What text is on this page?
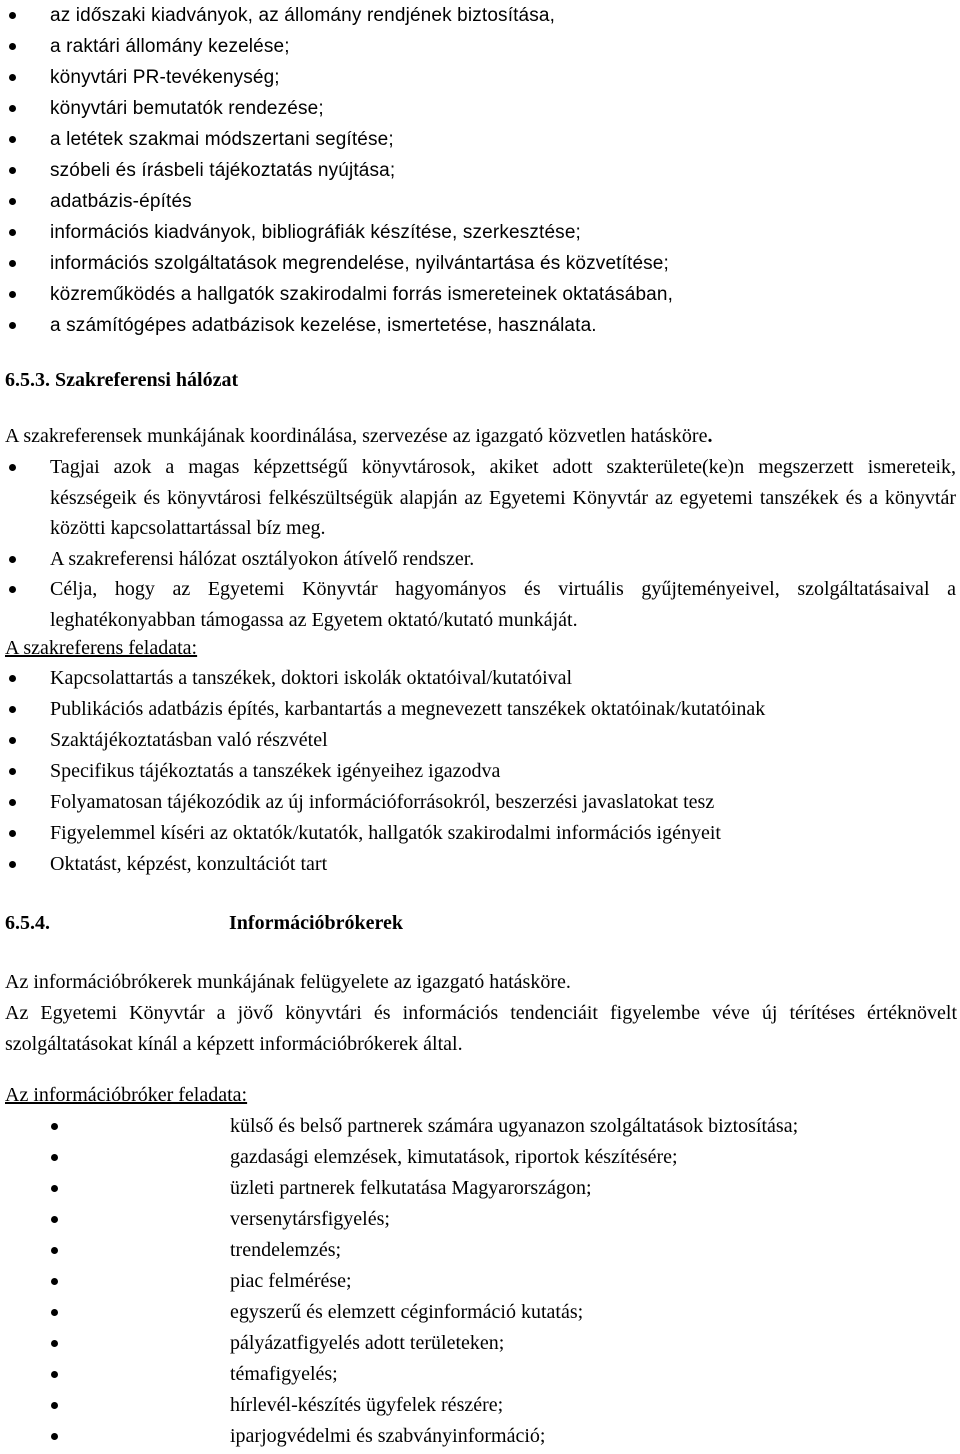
az időszaki kiadványok, az állomány rendjének biztosítása,
a raktári állomány kezelése;
könyvtári PR-tevékenység;
könyvtári bemutatók rendezése;
a letétek szakmai módszertani segítése;
szóbeli és írásbeli tájékoztatás nyújtása;
adatbázis-építés
információs kiadványok, bibliográfiák készítése, szerkesztése;
információs szolgáltatások megrendelése, nyilvántartása és közvetítése;
közreműködés a hallgatók szakirodalmi forrás ismereteinek oktatásában,
a számítógépes adatbázisok kezelése, ismertetése, használata.
6.5.3. Szakreferensi hálózat
A szakreferensek munkájának koordinálása, szervezése az igazgató közvetlen hatásköre.
Tagjai azok a magas képzettségű könyvtárosok, akiket adott szakterülete(ke)n megszerzett ismereteik, készségeik és könyvtárosi felkészültségük alapján az Egyetemi Könyvtár az egyetemi tanszékek és a könyvtár közötti kapcsolattartással bíz meg.
A szakreferensi hálózat osztályokon átívelő rendszer.
Célja, hogy az Egyetemi Könyvtár hagyományos és virtuális gyűjteményeivel, szolgáltatásaival a leghatékonyabban támogassa az Egyetem oktató/kutató munkáját.
A szakreferens feladata:
Kapcsolattartás a tanszékek, doktori iskolák oktatóival/kutatóival
Publikációs adatbázis építés, karbantartás a megnevezett tanszékek oktatóinak/kutatóinak
Szaktájékoztatásban való részvétel
Specifikus tájékoztatás a tanszékek igényeihez igazodva
Folyamatosan tájékozódik az új információforrásokról, beszerzési javaslatokat tesz
Figyelemmel kíséri az oktatók/kutatók, hallgatók szakirodalmi információs igényeit
Oktatást, képzést, konzultációt tart
6.5.4.	Információbrókerek
Az információbrókerek munkájának felügyelete az igazgató hatásköre.
Az Egyetemi Könyvtár a jövő könyvtári és információs tendenciáit figyelembe véve új térítéses értéknövelt szolgáltatásokat kínál a képzett információbrókerek által.
Az információbróker feladata:
külső és belső partnerek számára ugyanazon szolgáltatások biztosítása;
gazdasági elemzések, kimutatások, riportok készítésére;
üzleti partnerek felkutatása Magyarországon;
versenytársfigyelés;
trendelemzés;
piac felmérése;
egyszerű és elemzett céginformáció kutatás;
pályázatfigyelés adott területeken;
témafigyelés;
hírlevél-készítés ügyfelek részére;
iparjogvédelmi és szabványinformáció;
